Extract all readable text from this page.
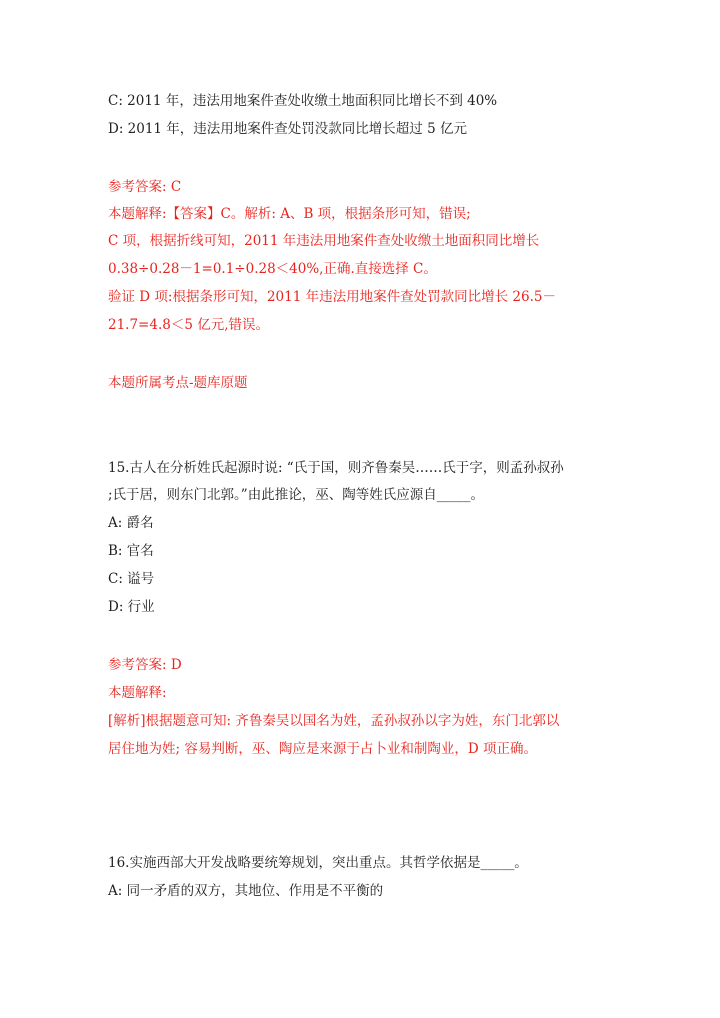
C: 2011 年，违法用地案件查处收缴土地面积同比增长不到 40%
D: 2011 年，违法用地案件查处罚没款同比增长超过 5 亿元
参考答案: C
本题解释:【答案】C。解析: A、B 项，根据条形可知，错误;
C 项，根据折线可知，2011 年违法用地案件查处收缴土地面积同比增长
0.38÷0.28－1=0.1÷0.28＜40%,正确.直接选择 C。
验证 D 项:根据条形可知，2011 年违法用地案件查处罚款同比增长 26.5－
21.7=4.8＜5 亿元,错误。
本题所属考点-题库原题
15.古人在分析姓氏起源时说: “氏于国，则齐鲁秦吴……氏于字，则孟孙叔孙
;氏于居，则东门北郭。”由此推论，巫、陶等姓氏应源自_____。
A: 爵名
B: 官名
C: 谥号
D: 行业
参考答案: D
本题解释:
[解析]根据题意可知: 齐鲁秦吴以国名为姓，孟孙叔孙以字为姓，东门北郭以
居住地为姓; 容易判断，巫、陶应是来源于占卜业和制陶业，D 项正确。
16.实施西部大开发战略要统筹规划，突出重点。其哲学依据是_____。
A: 同一矛盾的双方，其地位、作用是不平衡的
